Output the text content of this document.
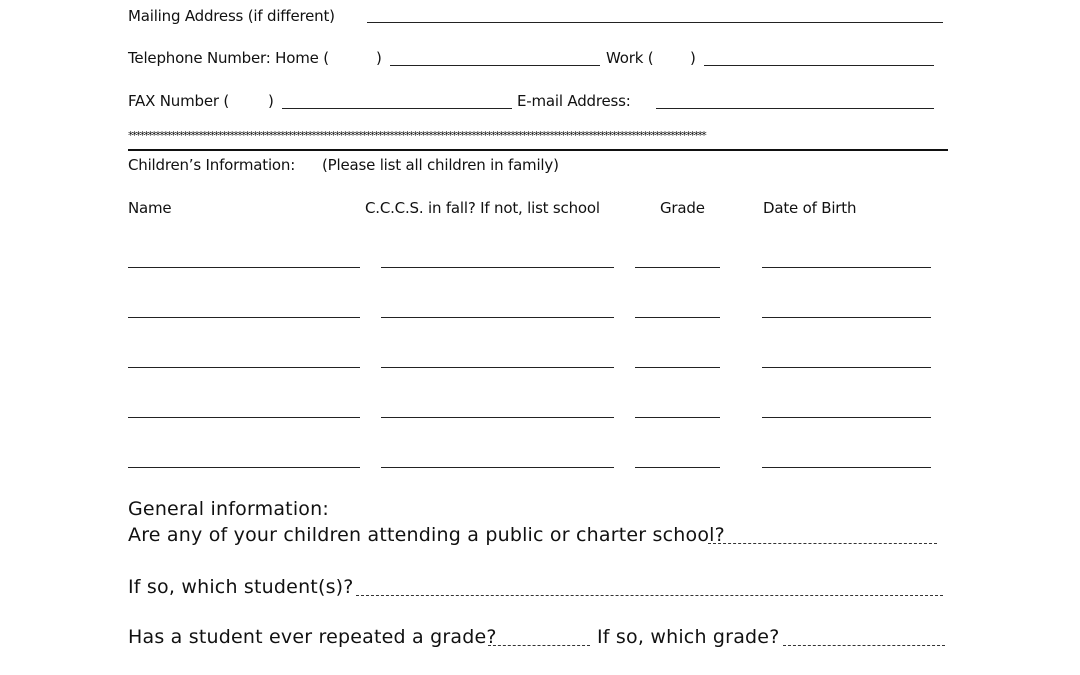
Mailing Address (if different)
Telephone Number: Home (	)	Work ( )
FAX Number (	)	E-mail Address:
****************************************************************************************************************************************************
Children’s Information: (Please list all children in family)
Name	C.C.C.S. in fall? If not, list school	Grade	Date of Birth
General information:
Are any of your children attending a public or charter school?
If so, which student(s)?
Has a student ever repeated a grade?	If so, which grade?
